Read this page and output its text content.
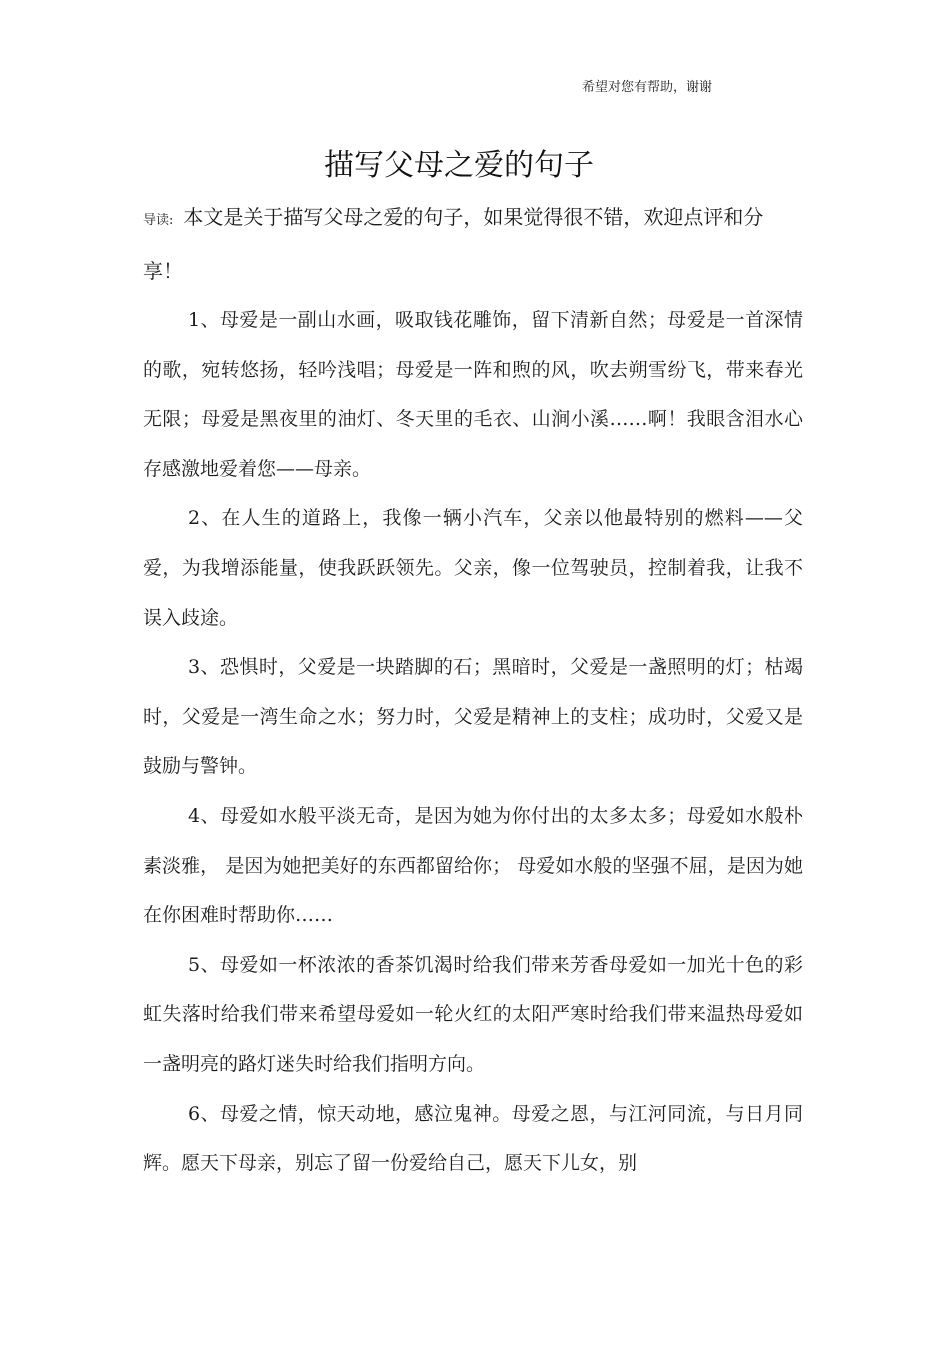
希望对您有帮助，谢谢
描写父母之爱的句子
导读: 本文是关于描写父母之爱的句子，如果觉得很不错，欢迎点评和分享！

1、母爱是一副山水画，吸取钱花雕饰，留下清新自然；母爱是一首深情的歌，宛转悠扬，轻吟浅唱；母爱是一阵和煦的风，吹去朔雪纷飞，带来春光无限；母爱是黑夜里的油灯、冬天里的毛衣、山涧小溪……啊！我眼含泪水心存感激地爱着您——母亲。

2、在人生的道路上，我像一辆小汽车，父亲以他最特别的燃料——父爱，为我增添能量，使我跃跃领先。父亲，像一位驾驶员，控制着我，让我不误入歧途。

3、恐惧时，父爱是一块踏脚的石；黑暗时，父爱是一盏照明的灯；枯竭时，父爱是一湾生命之水；努力时，父爱是精神上的支柱；成功时，父爱又是鼓励与警钟。

4、母爱如水般平淡无奇，是因为她为你付出的太多太多；母爱如水般朴素淡雅， 是因为她把美好的东西都留给你； 母爱如水般的坚强不屈，是因为她在你困难时帮助你……

5、母爱如一杯浓浓的香茶饥渴时给我们带来芳香母爱如一加光十色的彩虹失落时给我们带来希望母爱如一轮火红的太阳严寒时给我们带来温热母爱如一盏明亮的路灯迷失时给我们指明方向。

6、母爱之情，惊天动地，感泣鬼神。母爱之恩，与江河同流，与日月同辉。愿天下母亲，别忘了留一份爱给自己，愿天下儿女，别
